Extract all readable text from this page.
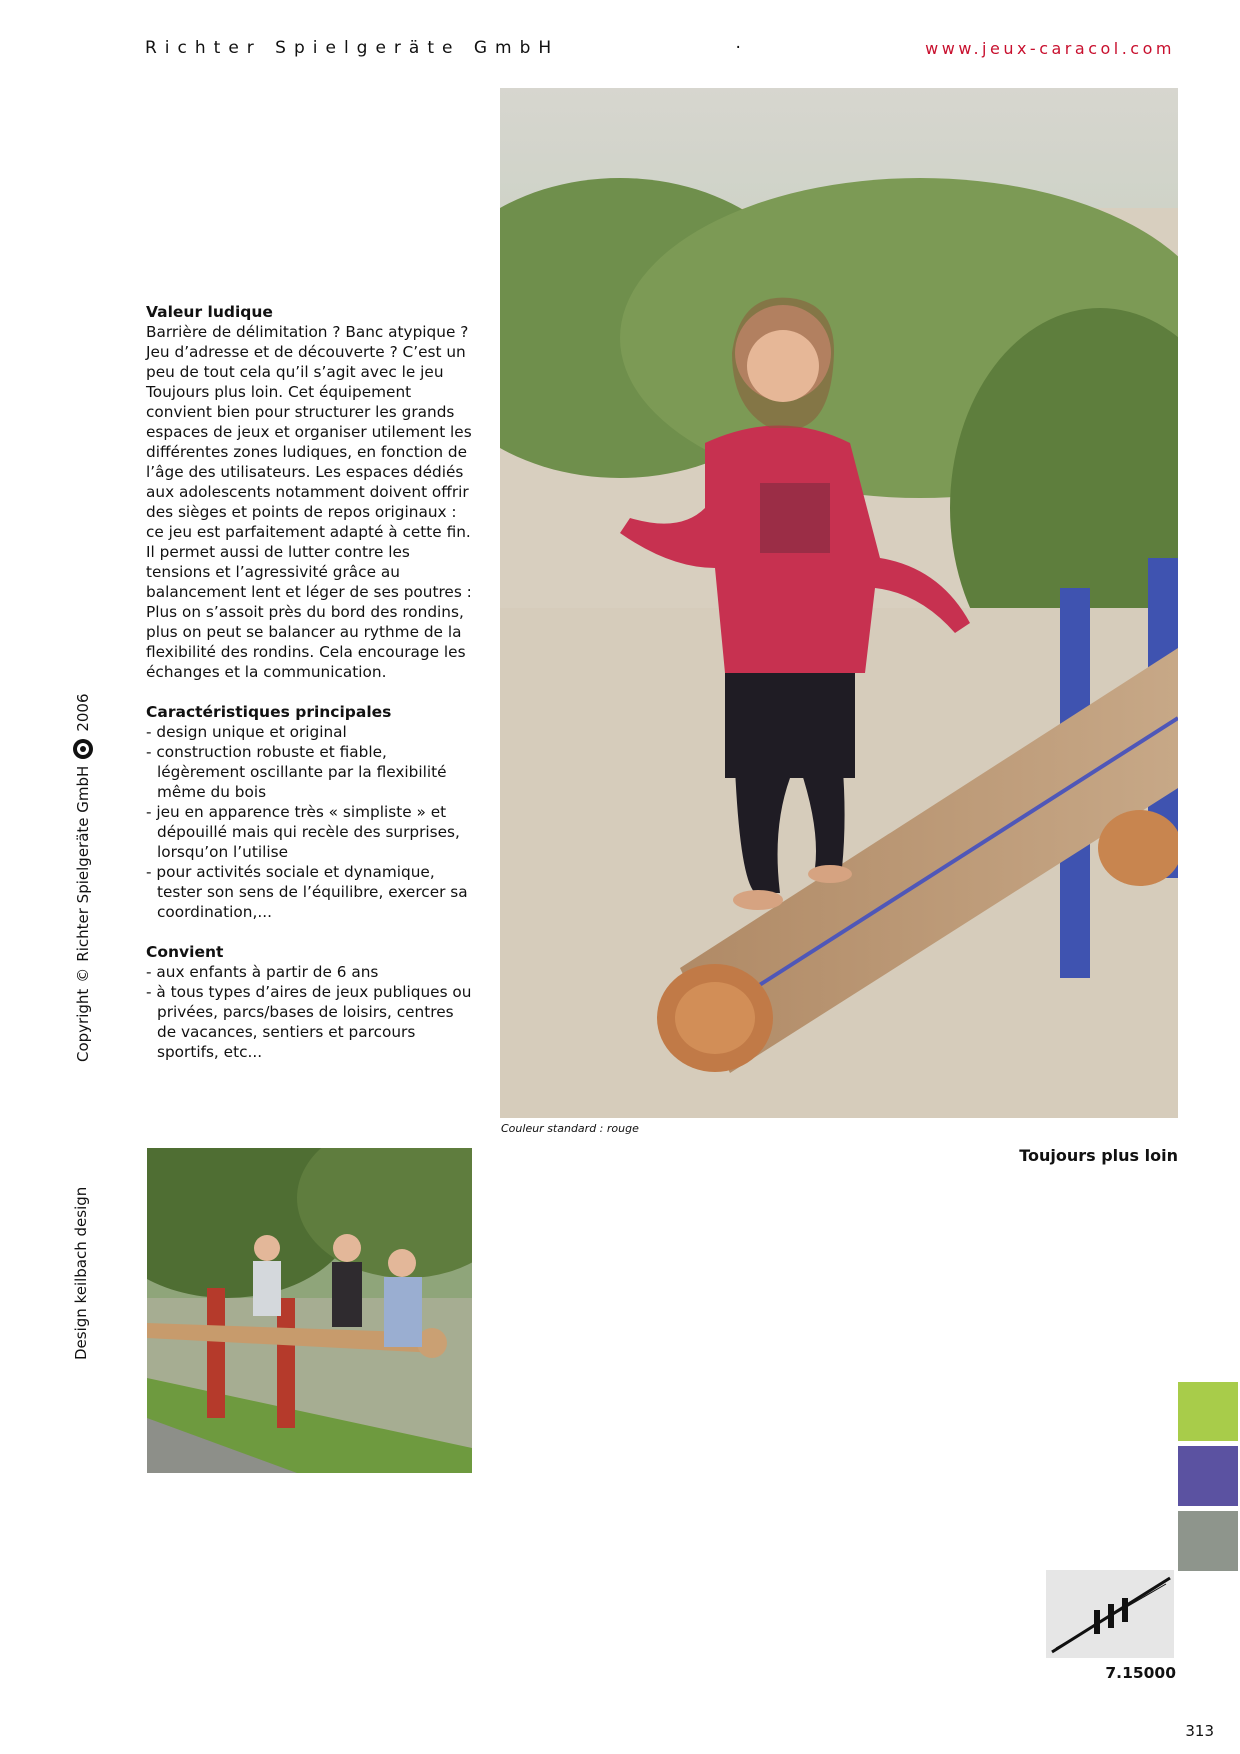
Richter Spielgeräte GmbH	·	www.jeux-caracol.com
Valeur ludique

Barrière de délimitation ? Banc atypique ? Jeu d’adresse et de découverte ? C’est un peu de tout cela qu’il s’agit avec le jeu Toujours plus loin. Cet équipement convient bien pour structurer les grands espaces de jeux et organiser utilement les différentes zones ludiques, en fonction de l’âge des utilisateurs. Les espaces dédiés aux adolescents notamment doivent offrir des sièges et points de repos originaux : ce jeu est parfaitement adapté à cette fin. Il permet aussi de lutter contre les tensions et l’agressivité grâce au balancement lent et léger de ses poutres : Plus on s’assoit près du bord des rondins, plus on peut se balancer au rythme de la flexibilité des rondins. Cela encourage les échanges et la communication.

Caractéristiques principales
- design unique et original
- construction robuste et fiable, légèrement oscillante par la flexibilité même du bois
- jeu en apparence très « simpliste » et dépouillé mais qui recèle des surprises, lorsqu’on l’utilise
- pour activités sociale et dynamique, tester son sens de l’équilibre, exercer sa coordination,...
Convient
- aux enfants à partir de 6 ans
- à tous types d’aires de jeux publiques ou privées, parcs/bases de loisirs, centres de vacances, sentiers et parcours sportifs, etc...
Couleur standard : rouge
Toujours plus loin
Copyright
©
Richter Spielgeräte GmbH
2006
Design keilbach design
7.15000
313
